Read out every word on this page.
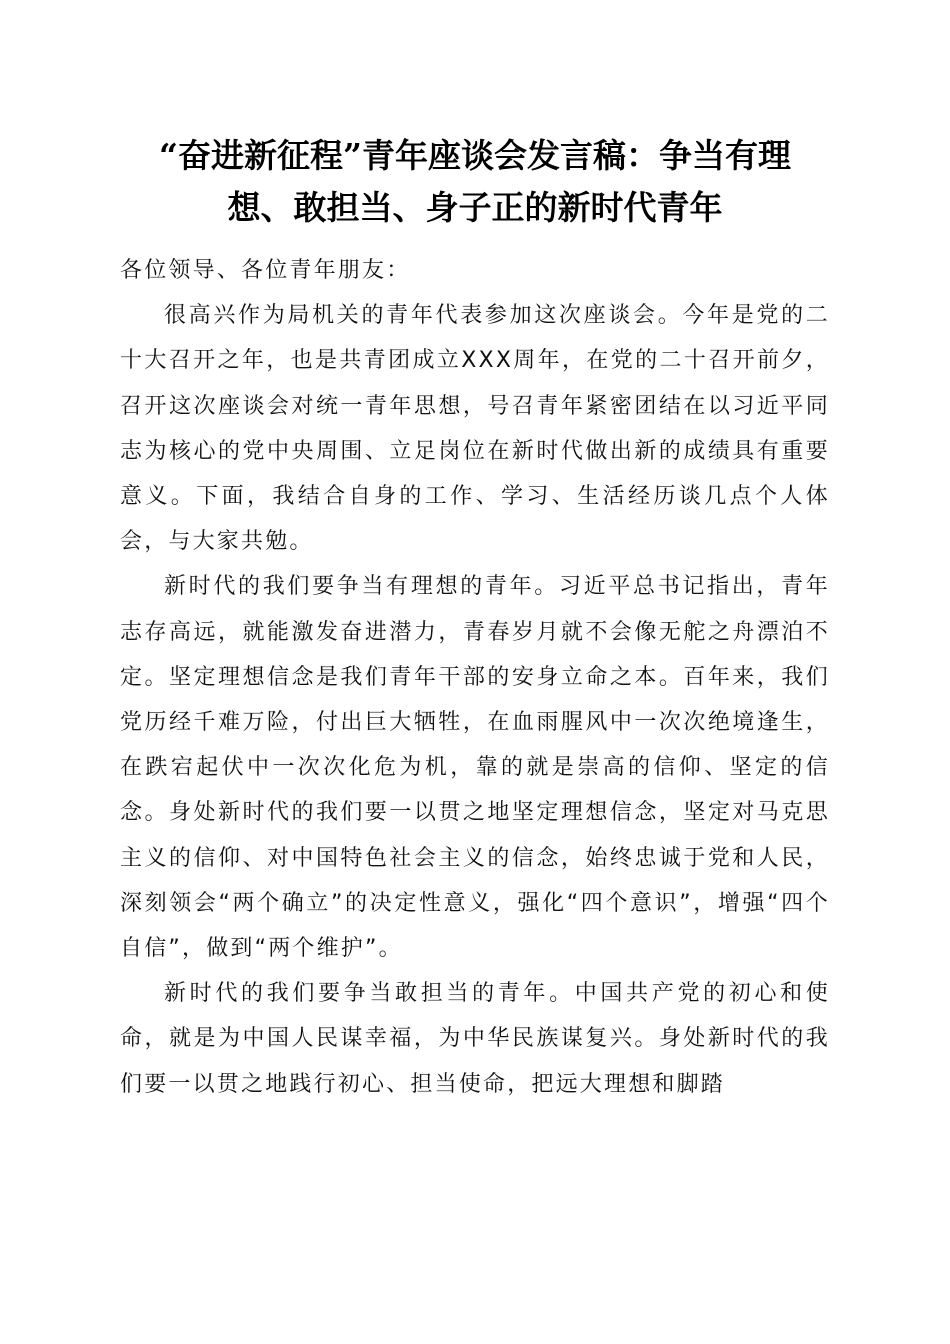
“奋进新征程”青年座谈会发言稿：争当有理
想、敢担当、身子正的新时代青年

各位领导、各位青年朋友：

很高兴作为局机关的青年代表参加这次座谈会。今年是党的二十大召开之年，也是共青团成立XXX周年，在党的二十召开前夕，召开这次座谈会对统一青年思想，号召青年紧密团结在以习近平同志为核心的党中央周围、立足岗位在新时代做出新的成绩具有重要意义。下面，我结合自身的工作、学习、生活经历谈几点个人体会，与大家共勉。

新时代的我们要争当有理想的青年。习近平总书记指出，青年志存高远，就能激发奋进潜力，青春岁月就不会像无舵之舟漂泊不定。坚定理想信念是我们青年干部的安身立命之本。百年来，我们党历经千难万险，付出巨大牺牲，在血雨腥风中一次次绝境逢生，在跌宕起伏中一次次化危为机，靠的就是崇高的信仰、坚定的信念。身处新时代的我们要一以贯之地坚定理想信念，坚定对马克思主义的信仰、对中国特色社会主义的信念，始终忠诚于党和人民，深刻领会“两个确立”的决定性意义，强化“四个意识”，增强“四个自信”，做到“两个维护”。

新时代的我们要争当敢担当的青年。中国共产党的初心和使命，就是为中国人民谋幸福，为中华民族谋复兴。身处新时代的我们要一以贯之地践行初心、担当使命，把远大理想和脚踏
